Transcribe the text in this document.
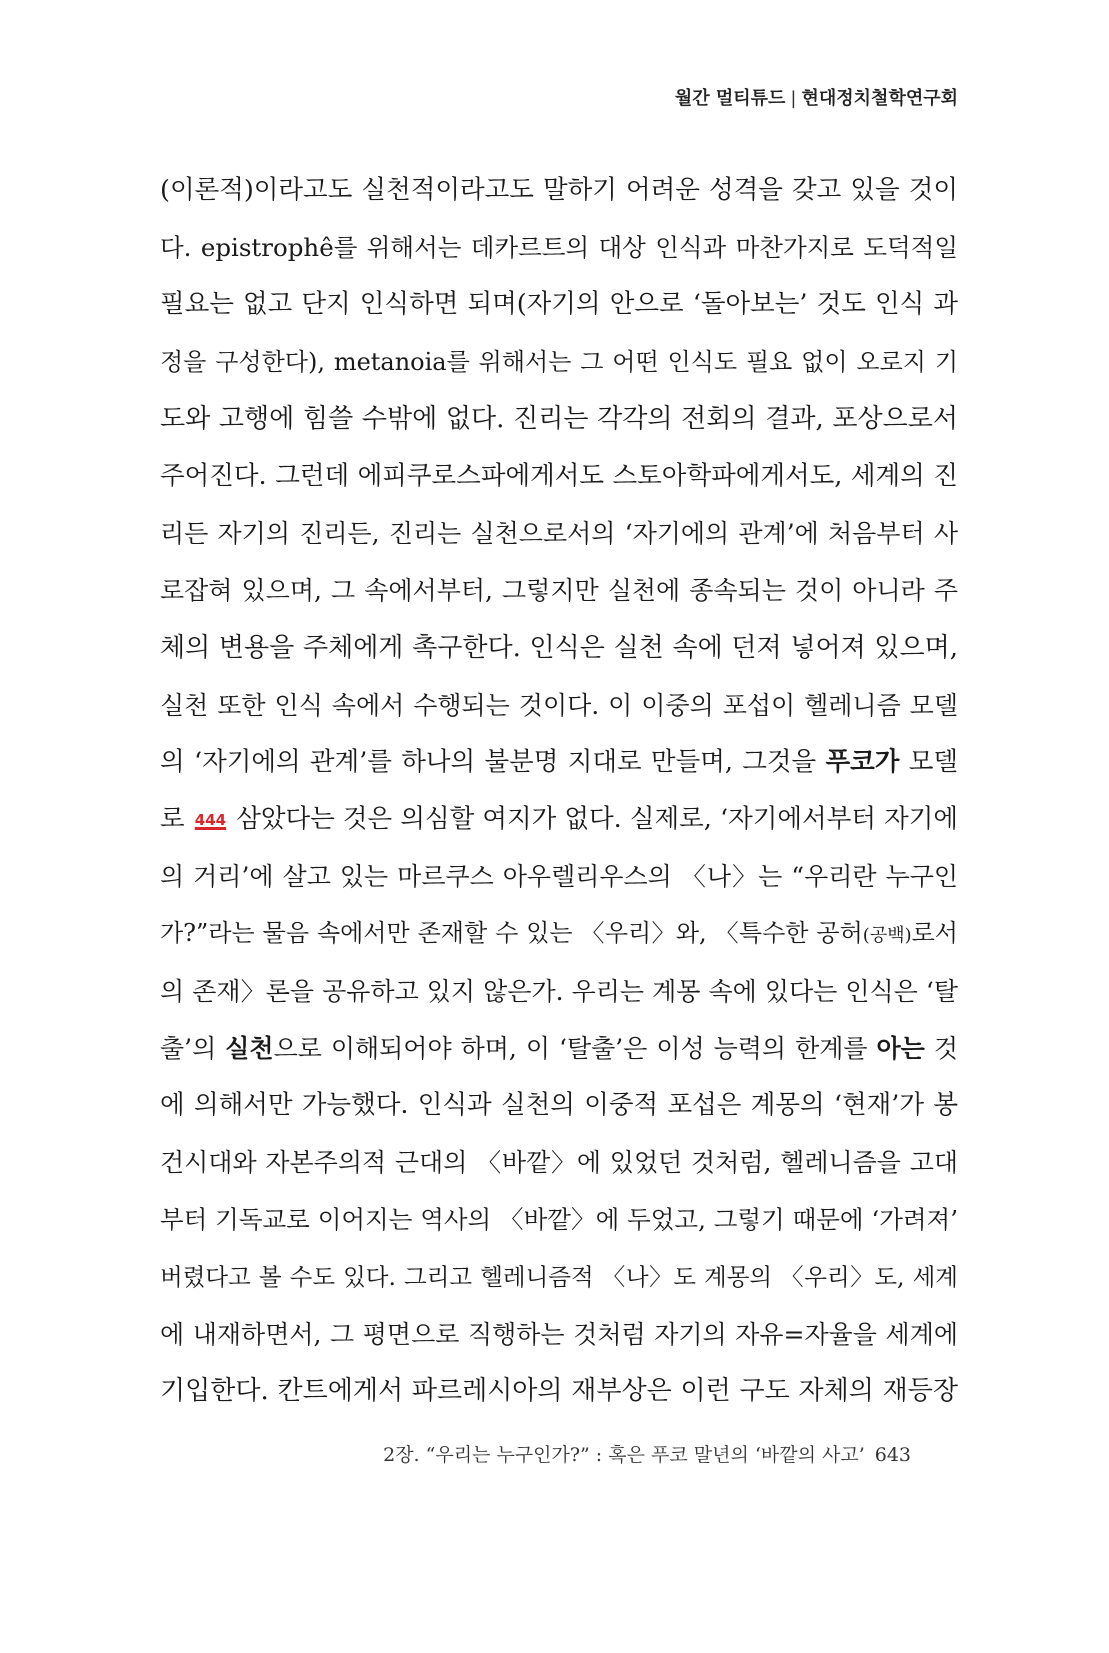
월간 멀티튜드 | 현대정치철학연구회
(이론적)이라고도 실천적이라고도 말하기 어려운 성격을 갖고 있을 것이
다. epistrophê를 위해서는 데카르트의 대상 인식과 마찬가지로 도덕적일
필요는 없고 단지 인식하면 되며(자기의 안으로 ‘돌아보는’ 것도 인식 과
정을 구성한다), metanoia를 위해서는 그 어떤 인식도 필요 없이 오로지 기
도와 고행에 힘쓸 수밖에 없다. 진리는 각각의 전회의 결과, 포상으로서
주어진다. 그런데 에피쿠로스파에게서도 스토아학파에게서도, 세계의 진
리든 자기의 진리든, 진리는 실천으로서의 ‘자기에의 관계’에 처음부터 사
로잡혀 있으며, 그 속에서부터, 그렇지만 실천에 종속되는 것이 아니라 주
체의 변용을 주체에게 촉구한다. 인식은 실천 속에 던져 넣어져 있으며,
실천 또한 인식 속에서 수행되는 것이다. 이 이중의 포섭이 헬레니즘 모델
의 ‘자기에의 관계’를 하나의 불분명 지대로 만들며, 그것을 푸코가 모델
로 444 삼았다는 것은 의심할 여지가 없다. 실제로, ‘자기에서부터 자기에
의 거리’에 살고 있는 마르쿠스 아우렐리우스의 〈나〉는 “우리란 누구인
가?”라는 물음 속에서만 존재할 수 있는 〈우리〉와, 〈특수한 공허(공백)로서
의 존재〉론을 공유하고 있지 않은가. 우리는 계몽 속에 있다는 인식은 ‘탈
출’의 실천으로 이해되어야 하며, 이 ‘탈출’은 이성 능력의 한계를 아는 것
에 의해서만 가능했다. 인식과 실천의 이중적 포섭은 계몽의 ‘현재’가 봉
건시대와 자본주의적 근대의 〈바깥〉에 있었던 것처럼, 헬레니즘을 고대
부터 기독교로 이어지는 역사의 〈바깥〉에 두었고, 그렇기 때문에 ‘가려져’
버렸다고 볼 수도 있다. 그리고 헬레니즘적 〈나〉도 계몽의 〈우리〉도, 세계
에 내재하면서, 그 평면으로 직행하는 것처럼 자기의 자유=자율을 세계에
기입한다. 칸트에게서 파르레시아의 재부상은 이런 구도 자체의 재등장
2장. “우리는 누구인가?” : 혹은 푸코 말년의 ‘바깥의 사고’ 643
